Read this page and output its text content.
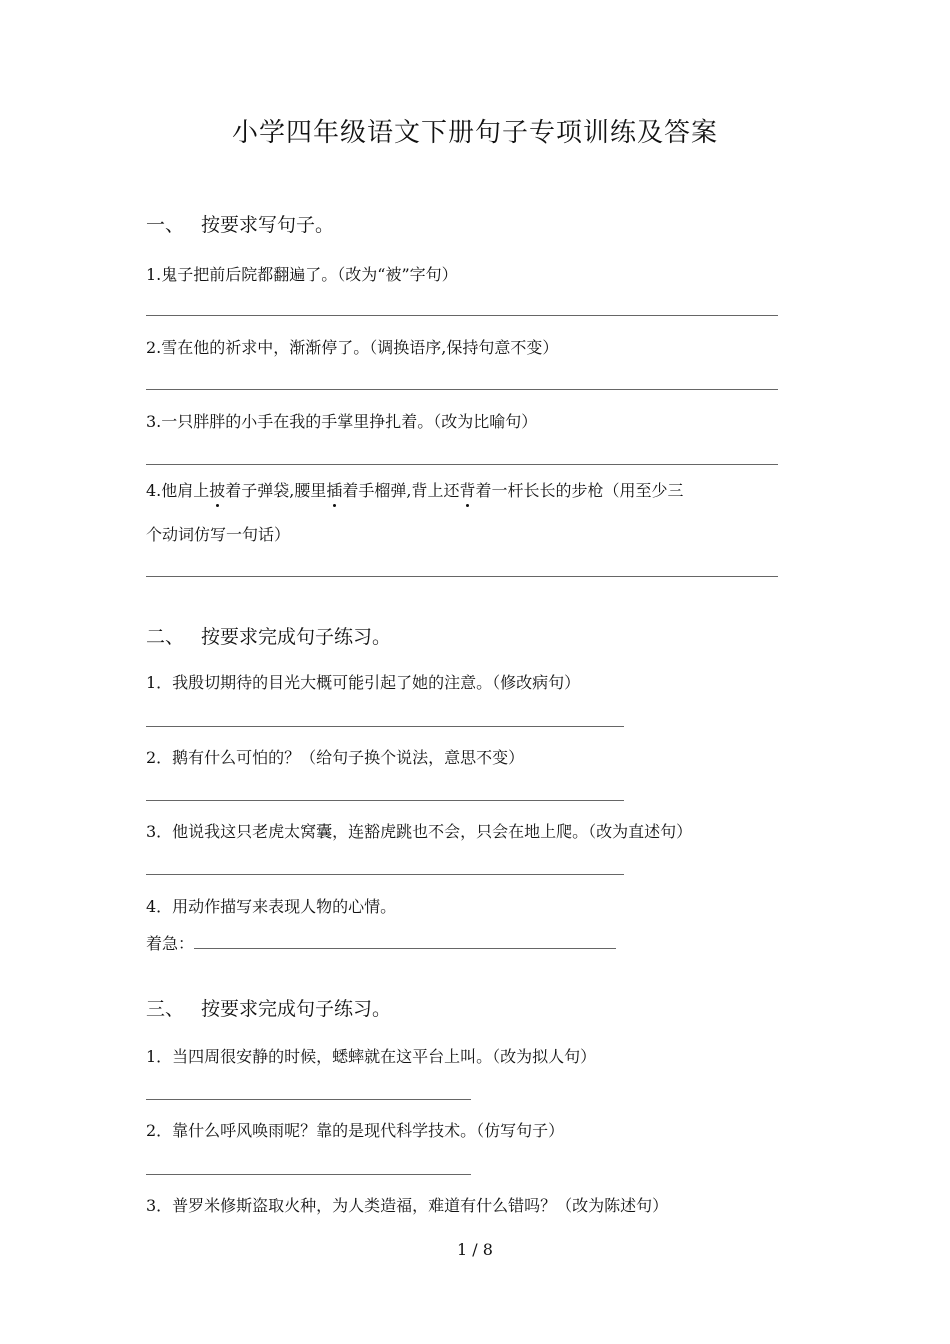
小学四年级语文下册句子专项训练及答案
一、 按要求写句子。
1.鬼子把前后院都翻遍了。（改为“被”字句）
2.雪在他的祈求中，渐渐停了。（调换语序,保持句意不变）
3.一只胖胖的小手在我的手掌里挣扎着。（改为比喻句）
4.他肩上披着子弹袋,腰里插着手榴弹,背上还背着一杆长长的步枪（用至少三
个动词仿写一句话）
二、 按要求完成句子练习。
1．我殷切期待的目光大概可能引起了她的注意。（修改病句）
2．鹅有什么可怕的？（给句子换个说法，意思不变）
3．他说我这只老虎太窝囊，连豁虎跳也不会，只会在地上爬。（改为直述句）
4．用动作描写来表现人物的心情。
着急：
三、 按要求完成句子练习。
1．当四周很安静的时候，蟋蟀就在这平台上叫。（改为拟人句）
2．靠什么呼风唤雨呢？靠的是现代科学技术。（仿写句子）
3．普罗米修斯盗取火种，为人类造福，难道有什么错吗？（改为陈述句）
1 / 8
